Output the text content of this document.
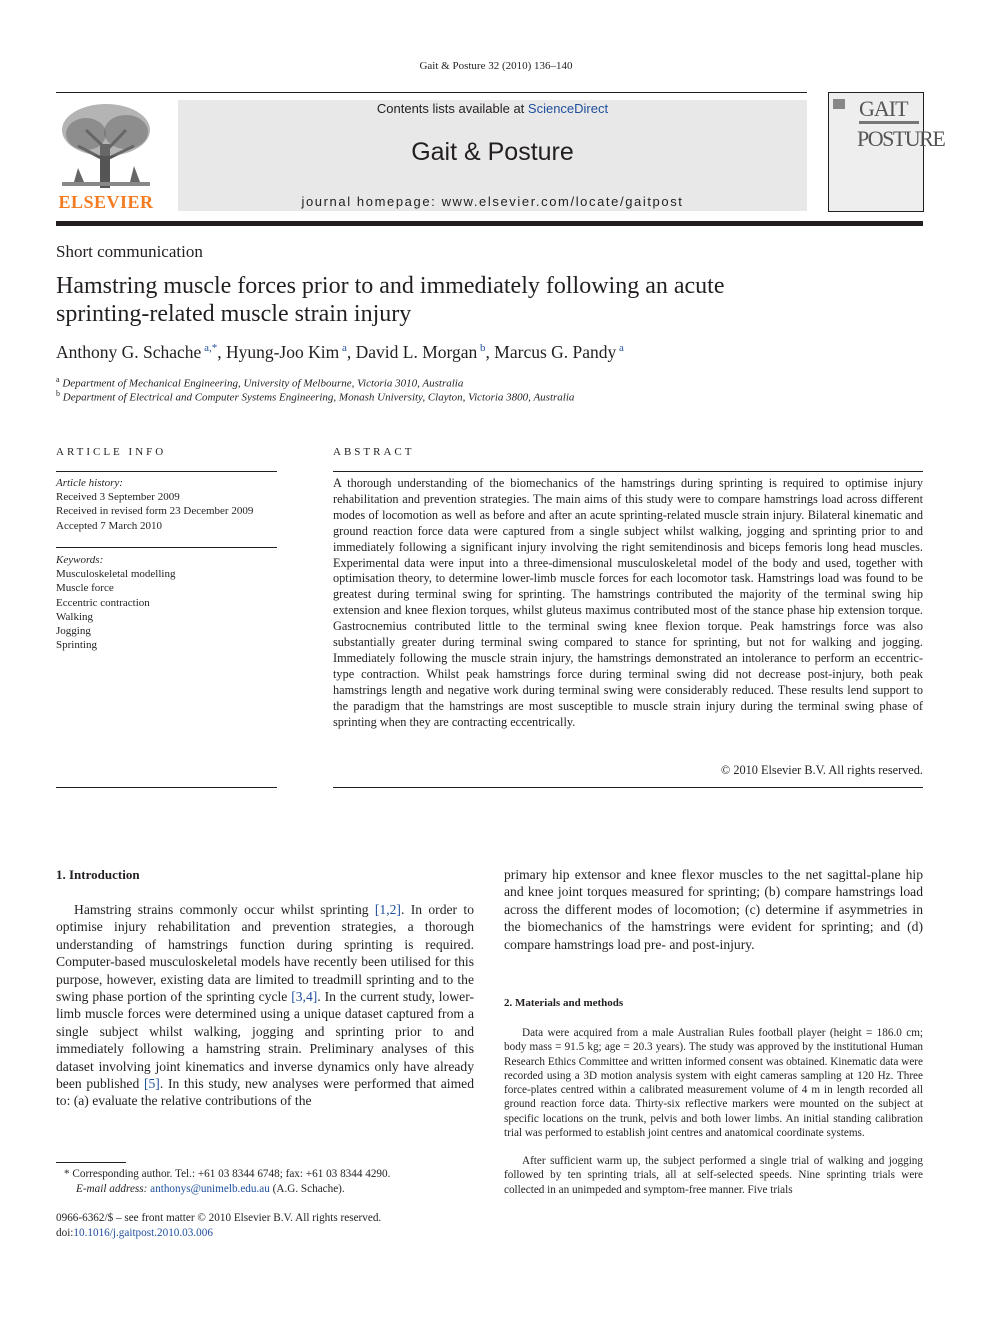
Gait & Posture 32 (2010) 136–140
ELSEVIER
Contents lists available at ScienceDirect
Gait & Posture
journal homepage: www.elsevier.com/locate/gaitpost
GAIT
POSTURE
Short communication
Hamstring muscle forces prior to and immediately following an acute
sprinting-related muscle strain injury
Anthony G. Schache $^{a,*}$, Hyung-Joo Kim $^a$, David L. Morgan $^b$, Marcus G. Pandy $^a$
$^a$ Department of Mechanical Engineering, University of Melbourne, Victoria 3010, Australia
$^b$ Department of Electrical and Computer Systems Engineering, Monash University, Clayton, Victoria 3800, Australia
ARTICLE INFO
Article history:
Received 3 September 2009
Received in revised form 23 December 2009
Accepted 7 March 2010
Keywords:
Musculoskeletal modelling
Muscle force
Eccentric contraction
Walking
Jogging
Sprinting
ABSTRACT
A thorough understanding of the biomechanics of the hamstrings during sprinting is required to optimise injury rehabilitation and prevention strategies. The main aims of this study were to compare hamstrings load across different modes of locomotion as well as before and after an acute sprinting-related muscle strain injury. Bilateral kinematic and ground reaction force data were captured from a single subject whilst walking, jogging and sprinting prior to and immediately following a significant injury involving the right semitendinosis and biceps femoris long head muscles. Experimental data were input into a three-dimensional musculoskeletal model of the body and used, together with optimisation theory, to determine lower-limb muscle forces for each locomotor task. Hamstrings load was found to be greatest during terminal swing for sprinting. The hamstrings contributed the majority of the terminal swing hip extension and knee flexion torques, whilst gluteus maximus contributed most of the stance phase hip extension torque. Gastrocnemius contributed little to the terminal swing knee flexion torque. Peak hamstrings force was also substantially greater during terminal swing compared to stance for sprinting, but not for walking and jogging. Immediately following the muscle strain injury, the hamstrings demonstrated an intolerance to perform an eccentric-type contraction. Whilst peak hamstrings force during terminal swing did not decrease post-injury, both peak hamstrings length and negative work during terminal swing were considerably reduced. These results lend support to the paradigm that the hamstrings are most susceptible to muscle strain injury during the terminal swing phase of sprinting when they are contracting eccentrically.
© 2010 Elsevier B.V. All rights reserved.
1. Introduction
Hamstring strains commonly occur whilst sprinting [1,2]. In order to optimise injury rehabilitation and prevention strategies, a thorough understanding of hamstrings function during sprinting is required. Computer-based musculoskeletal models have recently been utilised for this purpose, however, existing data are limited to treadmill sprinting and to the swing phase portion of the sprinting cycle [3,4]. In the current study, lower-limb muscle forces were determined using a unique dataset captured from a single subject whilst walking, jogging and sprinting prior to and immediately following a hamstring strain. Preliminary analyses of this dataset involving joint kinematics and inverse dynamics only have already been published [5]. In this study, new analyses were performed that aimed to: (a) evaluate the relative contributions of the
primary hip extensor and knee flexor muscles to the net sagittal-plane hip and knee joint torques measured for sprinting; (b) compare hamstrings load across the different modes of locomotion; (c) determine if asymmetries in the biomechanics of the hamstrings were evident for sprinting; and (d) compare hamstrings load pre- and post-injury.
2. Materials and methods
Data were acquired from a male Australian Rules football player (height = 186.0 cm; body mass = 91.5 kg; age = 20.3 years). The study was approved by the institutional Human Research Ethics Committee and written informed consent was obtained. Kinematic data were recorded using a 3D motion analysis system with eight cameras sampling at 120 Hz. Three force-plates centred within a calibrated measurement volume of 4 m in length recorded all ground reaction force data. Thirty-six reflective markers were mounted on the subject at specific locations on the trunk, pelvis and both lower limbs. An initial standing calibration trial was performed to establish joint centres and anatomical coordinate systems.
After sufficient warm up, the subject performed a single trial of walking and jogging followed by ten sprinting trials, all at self-selected speeds. Nine sprinting trials were collected in an unimpeded and symptom-free manner. Five trials
* Corresponding author. Tel.: +61 03 8344 6748; fax: +61 03 8344 4290.
E-mail address: anthonys@unimelb.edu.au (A.G. Schache).
0966-6362/$ – see front matter © 2010 Elsevier B.V. All rights reserved.
doi:10.1016/j.gaitpost.2010.03.006
